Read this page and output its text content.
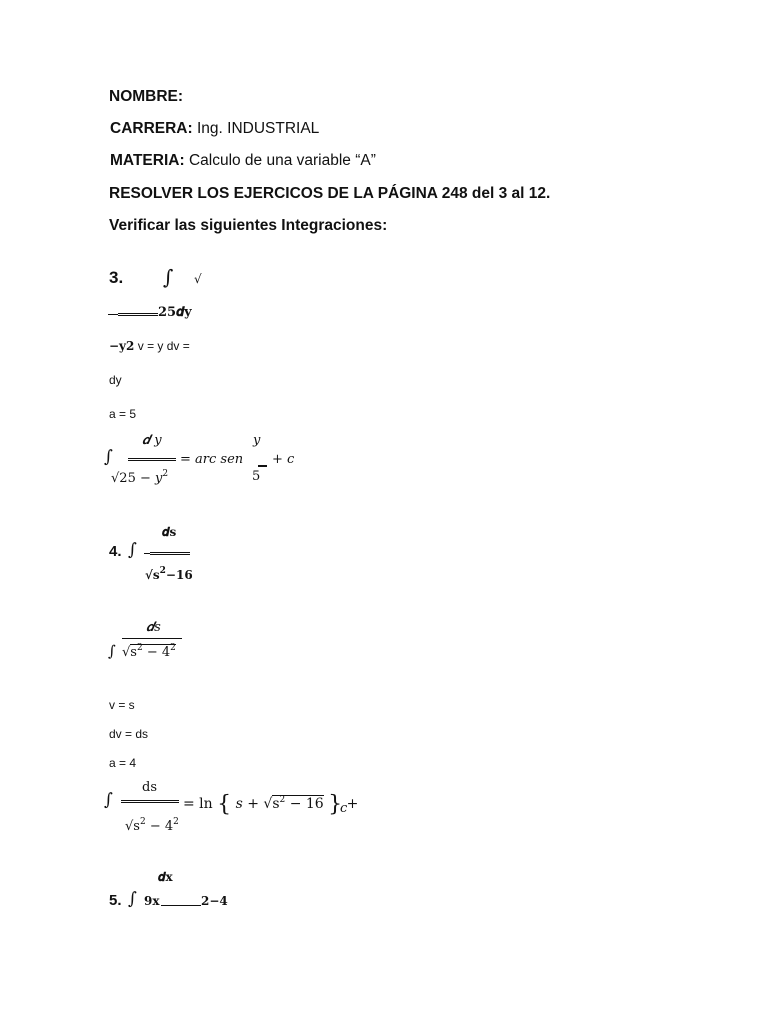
NOMBRE:
CARRERA: Ing. INDUSTRIAL
MATERIA: Calculo de una variable “A”
RESOLVER LOS EJERCICOS DE LA PÁGINA 248 del 3 al 12.
Verificar las siguientes Integraciones:
3. ∫ √
25𝒅𝐲
−𝐲𝟐 v = y dv =
dy
a = 5
∫
𝒅 𝑦
√25 − 𝑦$^2$
= 𝑎𝑟𝑐 𝑠𝑒𝑛
𝑦
5
+ 𝑐
𝒅𝐬
4. ∫
√𝐬$^𝟐$−𝟏𝟔
𝒅s
∫ $√s^2 - 4^2$
v = s
dv = ds
a = 4
∫
ds
$√s^2 - 4^2$
= ln { 𝑠 + $√s^2 - 16$ } +
𝑐
𝒅𝐱
5. ∫ 𝟗𝐱	𝟐−𝟒
